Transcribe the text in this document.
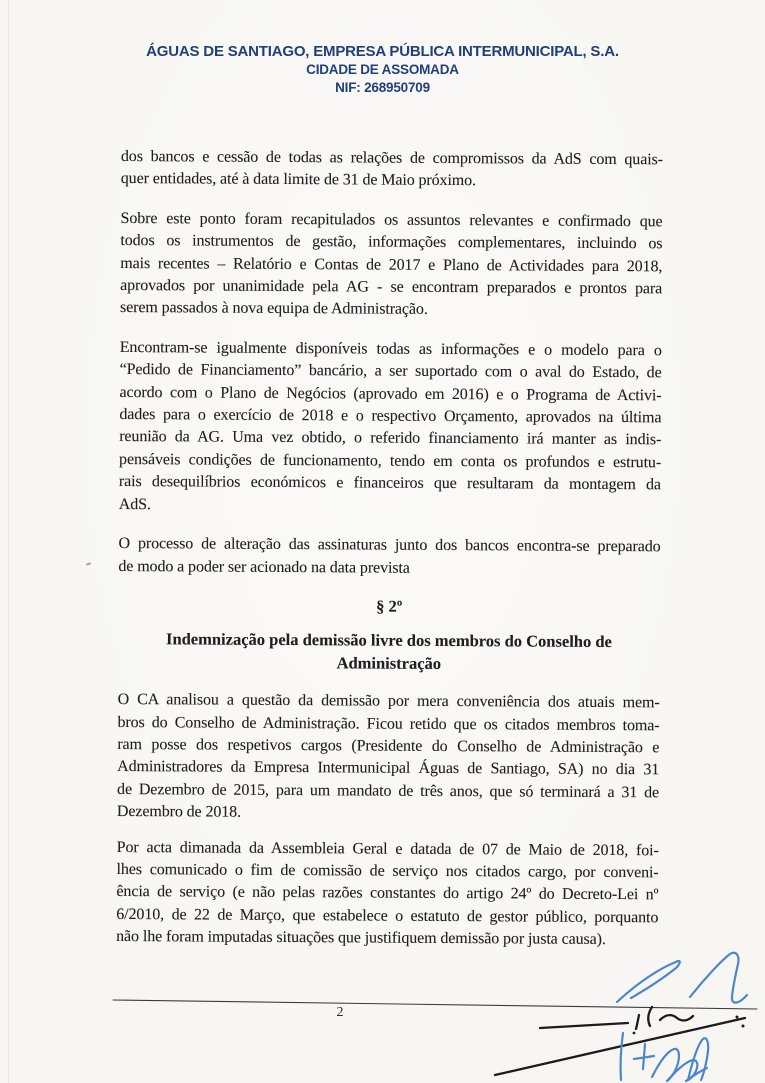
ÁGUAS DE SANTIAGO, EMPRESA PÚBLICA INTERMUNICIPAL, S.A.
CIDADE DE ASSOMADA
NIF: 268950709
dos bancos e cessão de todas as relações de compromissos da AdS com quais-
quer entidades, até à data limite de 31 de Maio próximo.
Sobre este ponto foram recapitulados os assuntos relevantes e confirmado que
todos os instrumentos de gestão, informações complementares, incluindo os
mais recentes – Relatório e Contas de 2017 e Plano de Actividades para 2018,
aprovados por unanimidade pela AG - se encontram preparados e prontos para
serem passados à nova equipa de Administração.
Encontram-se igualmente disponíveis todas as informações e o modelo para o
“Pedido de Financiamento” bancário, a ser suportado com o aval do Estado, de
acordo com o Plano de Negócios (aprovado em 2016) e o Programa de Activi-
dades para o exercício de 2018 e o respectivo Orçamento, aprovados na última
reunião da AG. Uma vez obtido, o referido financiamento irá manter as indis-
pensáveis condições de funcionamento, tendo em conta os profundos e estrutu-
rais desequilíbrios económicos e financeiros que resultaram da montagem da
AdS.
O processo de alteração das assinaturas junto dos bancos encontra-se preparado
de modo a poder ser acionado na data prevista
§ 2º
Indemnização pela demissão livre dos membros do Conselho de
Administração
O CA analisou a questão da demissão por mera conveniência dos atuais mem-
bros do Conselho de Administração. Ficou retido que os citados membros toma-
ram posse dos respetivos cargos (Presidente do Conselho de Administração e
Administradores da Empresa Intermunicipal Águas de Santiago, SA) no dia 31
de Dezembro de 2015, para um mandato de três anos, que só terminará a 31 de
Dezembro de 2018.
Por acta dimanada da Assembleia Geral e datada de 07 de Maio de 2018, foi-
lhes comunicado o fim de comissão de serviço nos citados cargo, por conveni-
ência de serviço (e não pelas razões constantes do artigo 24º do Decreto-Lei nº
6/2010, de 22 de Março, que estabelece o estatuto de gestor público, porquanto
não lhe foram imputadas situações que justifiquem demissão por justa causa).
2
